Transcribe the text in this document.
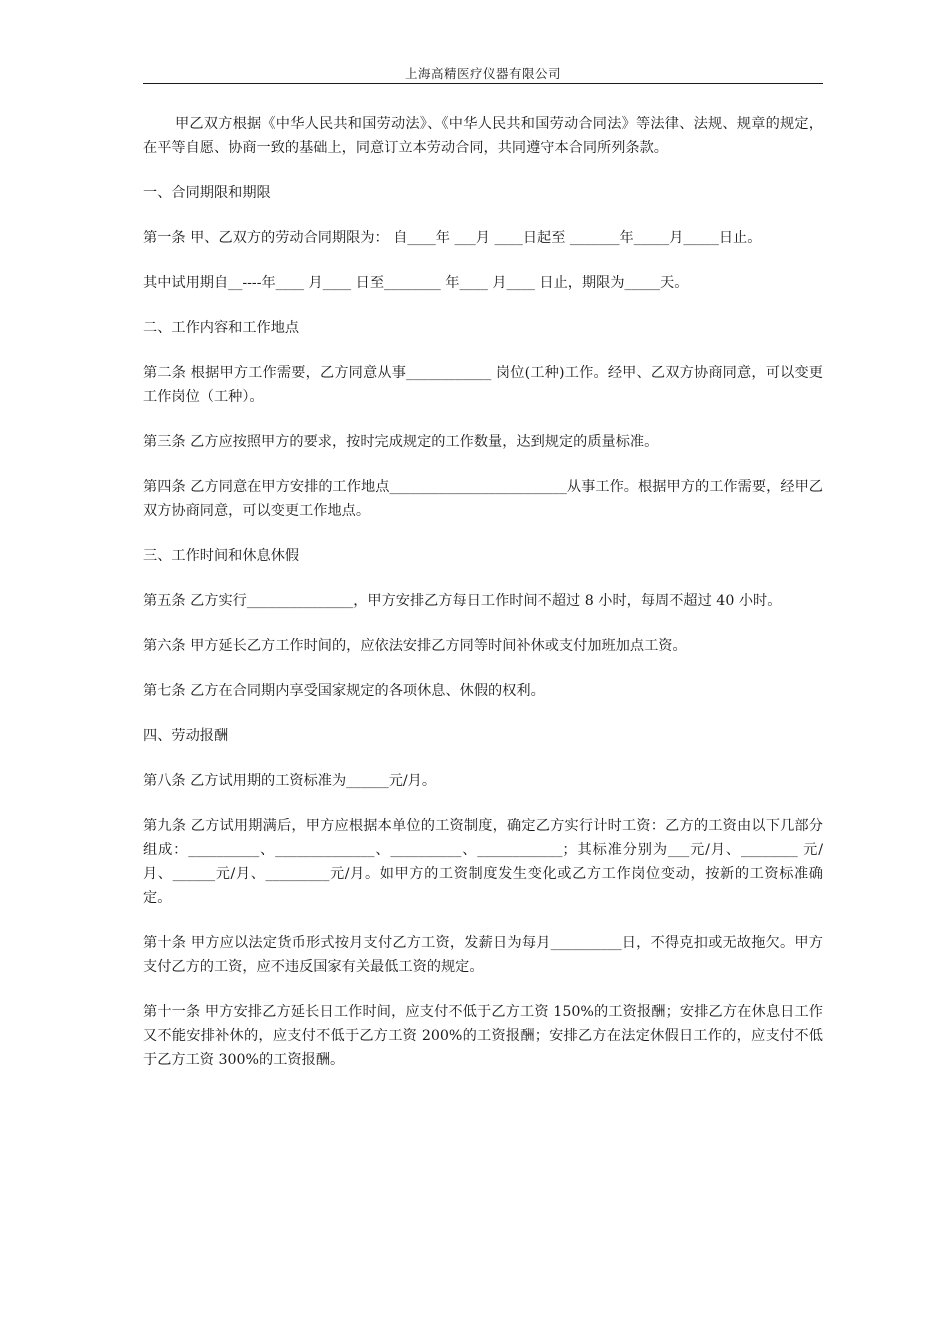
上海高精医疗仪器有限公司

甲乙双方根据《中华人民共和国劳动法》、《中华人民共和国劳动合同法》等法律、法规、规章的规定，在平等自愿、协商一致的基础上，同意订立本劳动合同，共同遵守本合同所列条款。

一、合同期限和期限

第一条 甲、乙双方的劳动合同期限为： 自____年 ___月 ____日起至 _______年_____月_____日止。

其中试用期自__----年____ 月____ 日至________ 年____ 月____ 日止，期限为_____天。

二、工作内容和工作地点

第二条 根据甲方工作需要，乙方同意从事____________ 岗位(工种)工作。经甲、乙双方协商同意，可以变更工作岗位（工种）。

第三条 乙方应按照甲方的要求，按时完成规定的工作数量，达到规定的质量标准。

第四条 乙方同意在甲方安排的工作地点_________________________从事工作。根据甲方的工作需要，经甲乙双方协商同意，可以变更工作地点。

三、工作时间和休息休假

第五条 乙方实行_______________，甲方安排乙方每日工作时间不超过 8 小时，每周不超过 40 小时。

第六条 甲方延长乙方工作时间的，应依法安排乙方同等时间补休或支付加班加点工资。

第七条 乙方在合同期内享受国家规定的各项休息、休假的权利。

四、劳动报酬

第八条 乙方试用期的工资标准为______元/月。

第九条 乙方试用期满后，甲方应根据本单位的工资制度，确定乙方实行计时工资：乙方的工资由以下几部分组成：__________、______________、__________、____________；其标准分别为___元/月、________ 元/月、______元/月、_________元/月。如甲方的工资制度发生变化或乙方工作岗位变动，按新的工资标准确定。

第十条 甲方应以法定货币形式按月支付乙方工资，发薪日为每月__________日，不得克扣或无故拖欠。甲方支付乙方的工资，应不违反国家有关最低工资的规定。

第十一条 甲方安排乙方延长日工作时间，应支付不低于乙方工资 150%的工资报酬；安排乙方在休息日工作又不能安排补休的，应支付不低于乙方工资 200%的工资报酬；安排乙方在法定休假日工作的，应支付不低于乙方工资 300%的工资报酬。
